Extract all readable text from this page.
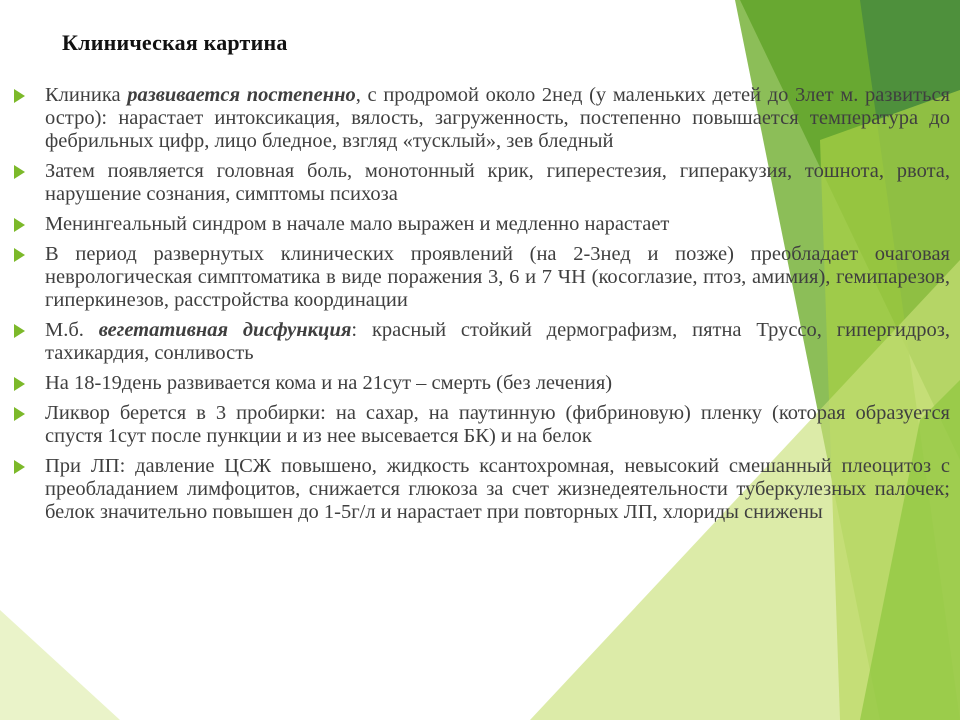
Клиническая картина
Клиника развивается постепенно, с продромой около 2нед (у маленьких детей до 3лет м. развиться остро): нарастает интоксикация, вялость, загруженность, постепенно повышается температура до фебрильных цифр, лицо бледное, взгляд «тусклый», зев бледный
Затем появляется головная боль, монотонный крик, гиперестезия, гиперакузия, тошнота, рвота, нарушение сознания, симптомы психоза
Менингеальный синдром в начале мало выражен и медленно нарастает
В период развернутых клинических проявлений (на 2-3нед и позже) преобладает очаговая неврологическая симптоматика в виде поражения 3, 6 и 7 ЧН (косоглазие, птоз, амимия), гемипарезов, гиперкинезов, расстройства координации
М.б. вегетативная дисфункция: красный стойкий дермографизм, пятна Труссо, гипергидроз, тахикардия, сонливость
На 18-19день развивается кома и на 21сут – смерть (без лечения)
Ликвор берется в 3 пробирки: на сахар, на паутинную (фибриновую) пленку (которая образуется спустя 1сут после пункции и из нее высевается БК) и на белок
При ЛП: давление ЦСЖ повышено, жидкость ксантохромная, невысокий смешанный плеоцитоз с преобладанием лимфоцитов, снижается глюкоза за счет жизнедеятельности туберкулезных палочек; белок значительно повышен до 1-5г/л и нарастает при повторных ЛП, хлориды снижены
